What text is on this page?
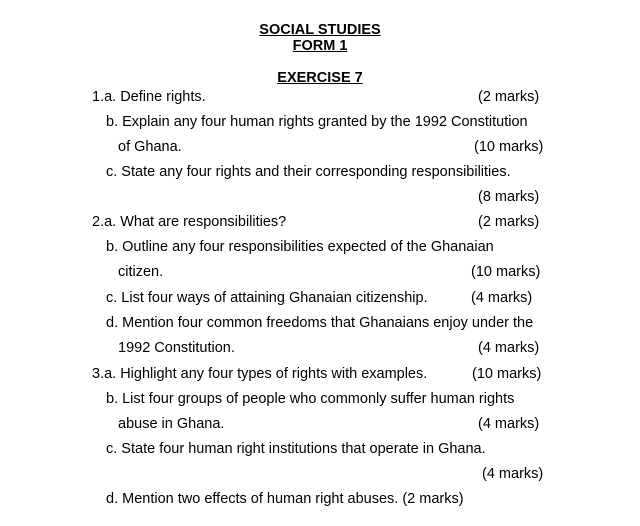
SOCIAL STUDIES
FORM 1
EXERCISE 7
1.a. Define rights.	(2 marks)
b. Explain any four human rights granted by the 1992 Constitution
of Ghana.	(10 marks)
c. State any four rights and their corresponding responsibilities.
(8 marks)
2.a. What are responsibilities?	(2 marks)
b. Outline any four responsibilities expected of the Ghanaian
citizen.	(10 marks)
c. List four ways of attaining Ghanaian citizenship.	(4 marks)
d. Mention four common freedoms that Ghanaians enjoy under the
1992 Constitution.	(4 marks)
3.a. Highlight any four types of rights with examples.	(10 marks)
b. List four groups of people who commonly suffer human rights
abuse in Ghana.	(4 marks)
c. State four human right institutions that operate in Ghana.
(4 marks)
d. Mention two effects of human right abuses. (2 marks)
